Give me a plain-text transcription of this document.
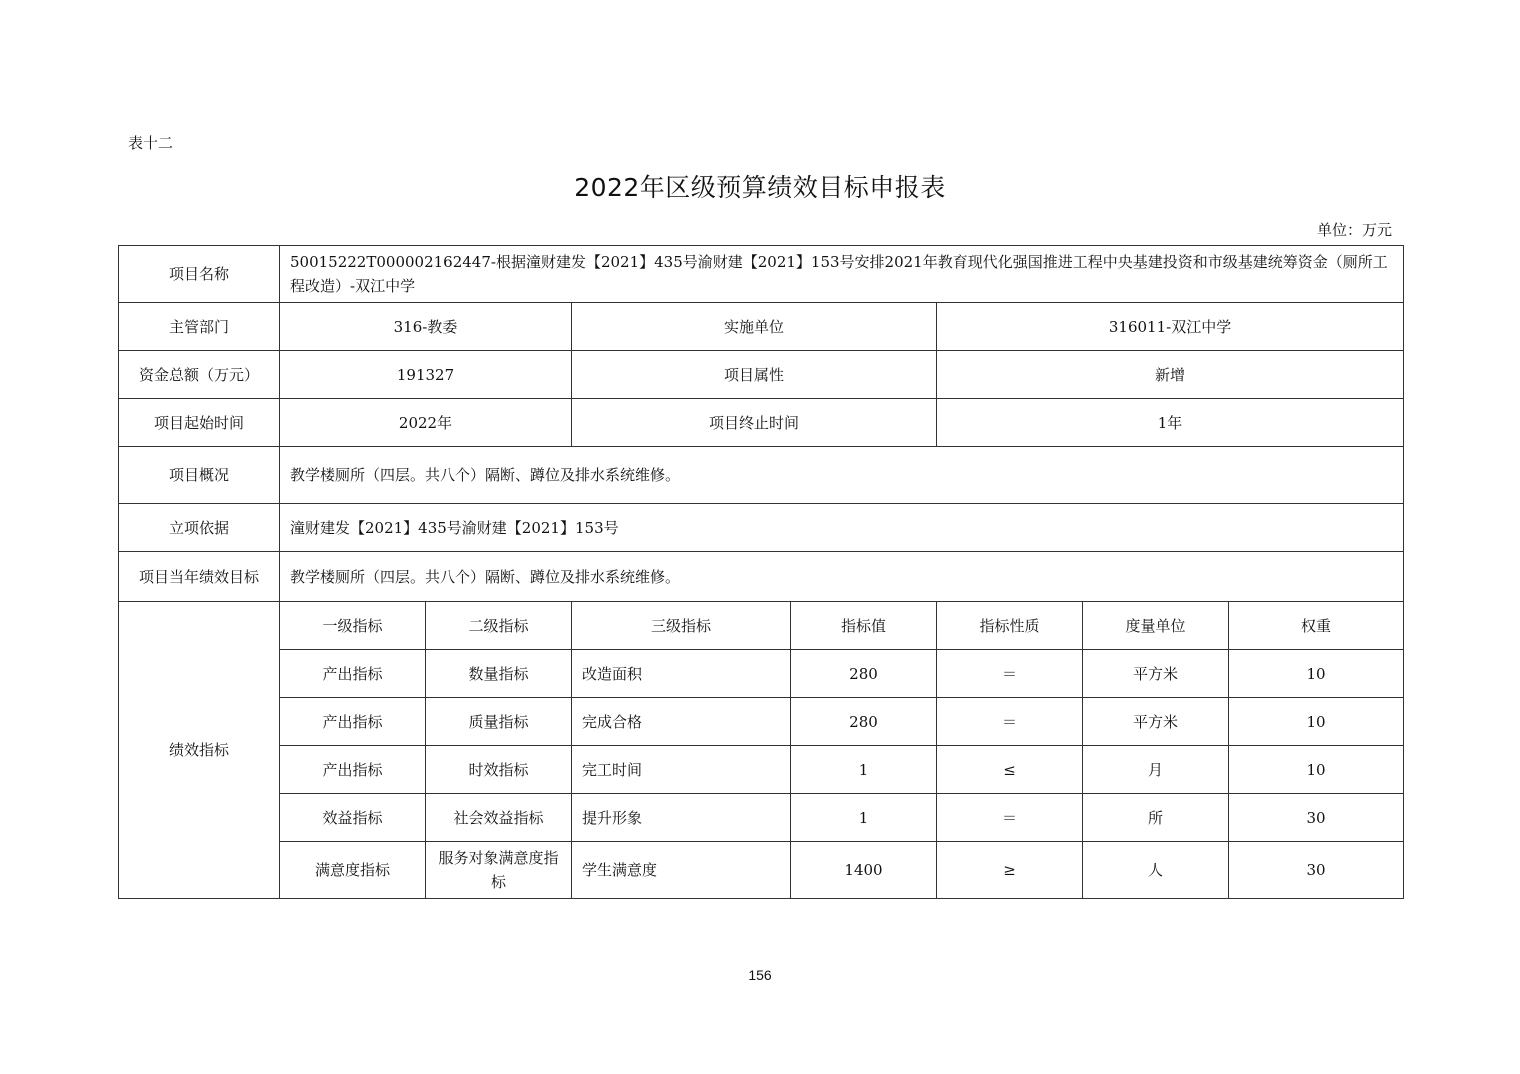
表十二
2022年区级预算绩效目标申报表
单位：万元
项目名称	50015222T000002162447-根据潼财建发【2021】435号渝财建【2021】153号安排2021年教育现代化强国推进工程中央基建投资和市级基建统筹资金（厕所工程改造）-双江中学						
主管部门	316-教委		实施单位		316011-双江中学		
资金总额（万元）	191327		项目属性		新增		
项目起始时间	2022年		项目终止时间		1年		
项目概况	教学楼厕所（四层。共八个）隔断、蹲位及排水系统维修。						
立项依据	潼财建发【2021】435号渝财建【2021】153号						
项目当年绩效目标	教学楼厕所（四层。共八个）隔断、蹲位及排水系统维修。						
绩效指标	一级指标	二级指标	三级指标	指标值	指标性质	度量单位	权重
	产出指标	数量指标	改造面积	280	＝	平方米	10
	产出指标	质量指标	完成合格	280	＝	平方米	10
	产出指标	时效指标	完工时间	1	≤	月	10
	效益指标	社会效益指标	提升形象	1	＝	所	30
	满意度指标	服务对象满意度指标	学生满意度	1400	≥	人	30
156
